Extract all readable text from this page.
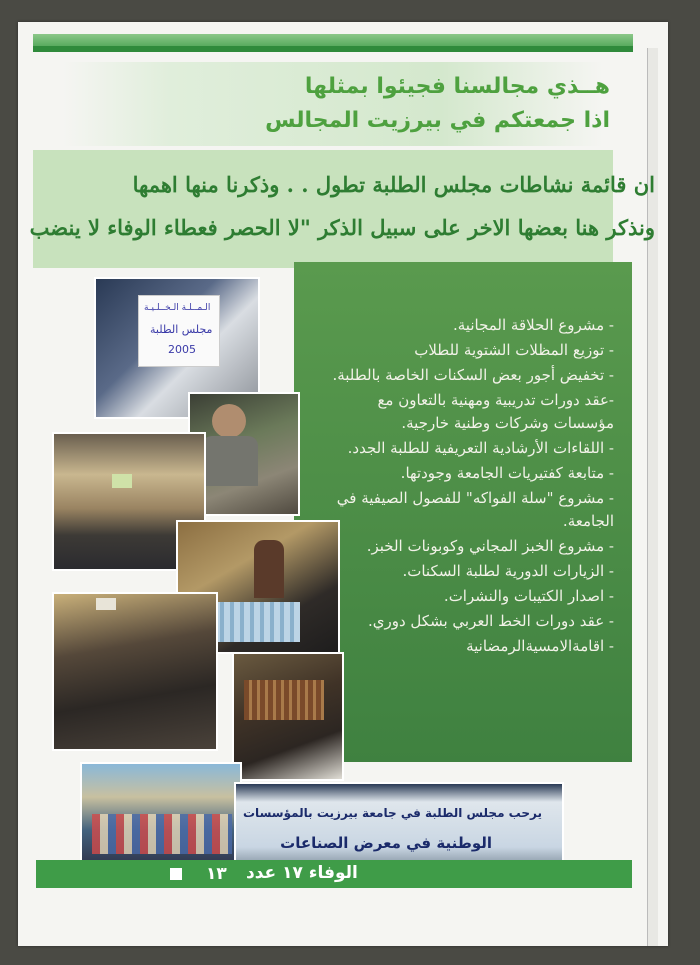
هــذي مجالسنا فجيئوا بمثلها
اذا جمعتكم في بيرزيت المجالس
ان قائمة نشاطات مجلس الطلبة تطول . . وذكرنا منها اهمها
ونذكر هنا بعضها الاخر على سبيل الذكر "لا الحصر فعطاء الوفاء لا ينضب
- مشروع الحلاقة المجانية.
- توزيع المظلات الشتوية للطلاب
- تخفيض أجور بعض السكنات الخاصة بالطلبة.
-عقد دورات تدريبية ومهنية بالتعاون مع مؤسسات وشركات وطنية خارجية.
- اللقاءات الأرشادية التعريفية للطلبة الجدد.
- متابعة كفتيريات الجامعة وجودتها.
- مشروع "سلة الفواكه" للفصول الصيفية في الجامعة.
- مشروع الخبز المجاني وكوبونات الخبز.
- الزيارات الدورية لطلبة السكنات.
- اصدار الكتيبات والنشرات.
- عقد دورات الخط العربي بشكل دوري.
- اقامةالامسيةالرمضانية
الـمــلـة الـخــلـيـة
مجلس الطلبة
2005
يرحب مجلس الطلبة في جامعة بيرزيت بالمؤسسات
الوطنية في معرض الصناعات
١٣ الوفاء ١٧ عدد
